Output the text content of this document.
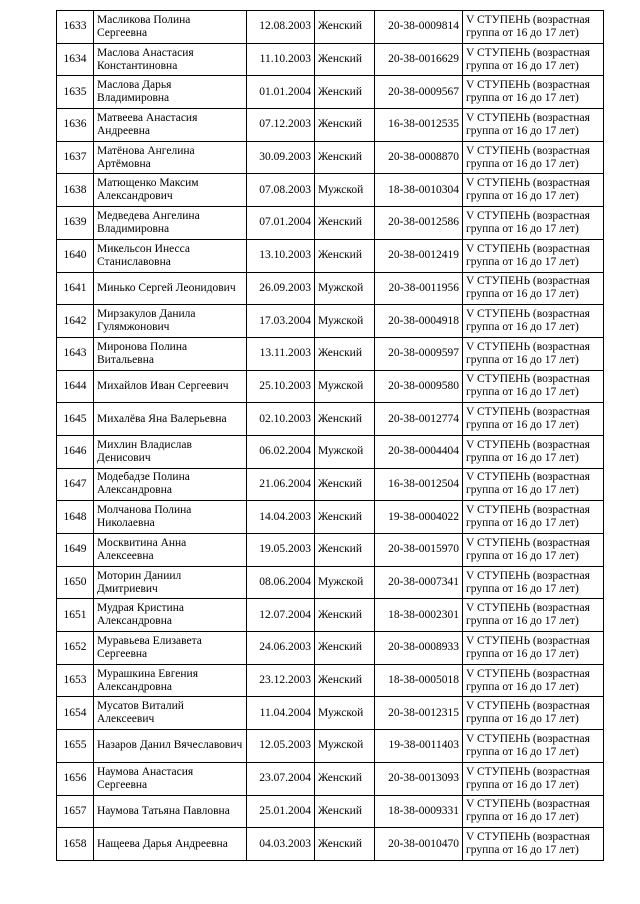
1633	Масликова Полина Сергеевна	12.08.2003	Женский	20-38-0009814	V СТУПЕНЬ (возрастная
группа от 16 до 17 лет)

1634	Маслова Анастасия Константиновна	11.10.2003	Женский	20-38-0016629	V СТУПЕНЬ (возрастная
группа от 16 до 17 лет)

1635	Маслова Дарья Владимировна	01.01.2004	Женский	20-38-0009567	V СТУПЕНЬ (возрастная
группа от 16 до 17 лет)

1636	Матвеева Анастасия Андреевна	07.12.2003	Женский	16-38-0012535	V СТУПЕНЬ (возрастная
группа от 16 до 17 лет)

1637	Матёнова Ангелина Артёмовна	30.09.2003	Женский	20-38-0008870	V СТУПЕНЬ (возрастная
группа от 16 до 17 лет)

1638	Матющенко Максим Александрович	07.08.2003	Мужской	18-38-0010304	V СТУПЕНЬ (возрастная
группа от 16 до 17 лет)

1639	Медведева Ангелина Владимировна	07.01.2004	Женский	20-38-0012586	V СТУПЕНЬ (возрастная
группа от 16 до 17 лет)

1640	Микельсон Инесса Станиславовна	13.10.2003	Женский	20-38-0012419	V СТУПЕНЬ (возрастная
группа от 16 до 17 лет)

1641	Минько Сергей Леонидович	26.09.2003	Мужской	20-38-0011956	V СТУПЕНЬ (возрастная
группа от 16 до 17 лет)

1642	Мирзакулов Данила Гулямжонович	17.03.2004	Мужской	20-38-0004918	V СТУПЕНЬ (возрастная
группа от 16 до 17 лет)

1643	Миронова Полина Витальевна	13.11.2003	Женский	20-38-0009597	V СТУПЕНЬ (возрастная
группа от 16 до 17 лет)

1644	Михайлов Иван Сергеевич	25.10.2003	Мужской	20-38-0009580	V СТУПЕНЬ (возрастная
группа от 16 до 17 лет)

1645	Михалёва Яна Валерьевна	02.10.2003	Женский	20-38-0012774	V СТУПЕНЬ (возрастная
группа от 16 до 17 лет)

1646	Михлин Владислав Денисович	06.02.2004	Мужской	20-38-0004404	V СТУПЕНЬ (возрастная
группа от 16 до 17 лет)

1647	Модебадзе Полина Александровна	21.06.2004	Женский	16-38-0012504	V СТУПЕНЬ (возрастная
группа от 16 до 17 лет)

1648	Молчанова Полина Николаевна	14.04.2003	Женский	19-38-0004022	V СТУПЕНЬ (возрастная
группа от 16 до 17 лет)

1649	Москвитина Анна Алексеевна	19.05.2003	Женский	20-38-0015970	V СТУПЕНЬ (возрастная
группа от 16 до 17 лет)

1650	Моторин Даниил Дмитриевич	08.06.2004	Мужской	20-38-0007341	V СТУПЕНЬ (возрастная
группа от 16 до 17 лет)

1651	Мудрая Кристина Александровна	12.07.2004	Женский	18-38-0002301	V СТУПЕНЬ (возрастная
группа от 16 до 17 лет)

1652	Муравьева Елизавета Сергеевна	24.06.2003	Женский	20-38-0008933	V СТУПЕНЬ (возрастная
группа от 16 до 17 лет)

1653	Мурашкина Евгения Александровна	23.12.2003	Женский	18-38-0005018	V СТУПЕНЬ (возрастная
группа от 16 до 17 лет)

1654	Мусатов Виталий Алексеевич	11.04.2004	Мужской	20-38-0012315	V СТУПЕНЬ (возрастная
группа от 16 до 17 лет)

1655	Назаров Данил Вячеславович	12.05.2003	Мужской	19-38-0011403	V СТУПЕНЬ (возрастная
группа от 16 до 17 лет)

1656	Наумова Анастасия Сергеевна	23.07.2004	Женский	20-38-0013093	V СТУПЕНЬ (возрастная
группа от 16 до 17 лет)

1657	Наумова Татьяна Павловна	25.01.2004	Женский	18-38-0009331	V СТУПЕНЬ (возрастная
группа от 16 до 17 лет)

1658	Нащеева Дарья Андреевна	04.03.2003	Женский	20-38-0010470	V СТУПЕНЬ (возрастная
группа от 16 до 17 лет)
